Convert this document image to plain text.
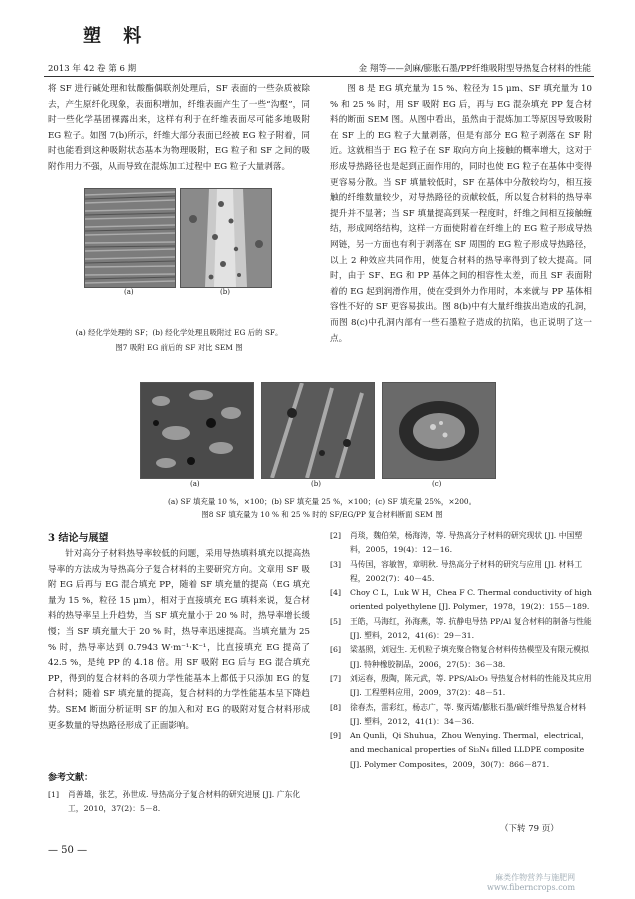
塑 料
2013 年 42 卷 第 6 期	金 翔等——剑麻/膨胀石墨/PP纤维吸附型导热复合材料的性能

将 SF 进行碱处理和钛酸酯偶联剂处理后，SF 表面的一些杂质被除去，产生原纤化现象，表面积增加，纤维表面产生了一些“沟壑”，同时一些化学基团裸露出来，这样有利于在纤维表面尽可能多地吸附 EG 粒子。如图 7(b)所示，纤维大部分表面已经被 EG 粒子附着，同时也能看到这种吸附状态基本为物理吸附，EG 粒子和 SF 之间的吸附作用力不强，从而导致在混炼加工过程中 EG 粒子大量剥落。

(a)	(b)
(a) 经化学处理的 SF；(b) 经化学处理且吸附过 EG 后的 SF。
图7 吸附 EG 前后的 SF 对比 SEM 图

图 8 是 EG 填充量为 15 %、粒径为 15 μm、SF 填充量为 10 % 和 25 % 时，用 SF 吸附 EG 后，再与 EG 混杂填充 PP 复合材料的断面 SEM 图。从图中看出，虽然由于混炼加工等原因导致吸附在 SF 上的 EG 粒子大量剥落，但是有部分 EG 粒子剥落在 SF 附近。这就相当于 EG 粒子在 SF 取向方向上接触的概率增大，这对于形成导热路径也是起到正面作用的，同时也使 EG 粒子在基体中变得更容易分散。当 SF 填量较低时，SF 在基体中分散较均匀，相互接触的纤维数量较少，对导热路径的贡献较低，所以复合材料的热导率提升并不显著；当 SF 填量提高到某一程度时，纤维之间相互接触缠结，形成网络结构，这样一方面使附着在纤维上的 EG 粒子形成导热网链，另一方面也有利于剥落在 SF 周围的 EG 粒子形成导热路径，以上 2 种效应共同作用，使复合材料的热导率得到了较大提高。同时，由于 SF、EG 和 PP 基体之间的相容性太差，而且 SF 表面附着的 EG 起到润滑作用，使在受到外力作用时，本来就与 PP 基体相容性不好的 SF 更容易拔出。图 8(b)中有大量纤维拔出造成的孔洞，而图 8(c)中孔洞内部有一些石墨粒子造成的抗陷，也正说明了这一点。

(a)	(b)	(c)
(a) SF 填充量 10 %，×100；(b) SF 填充量 25 %，×100；(c) SF 填充量 25%，×200。
图8 SF 填充量为 10 % 和 25 % 时的 SF/EG/PP 复合材料断面 SEM 图
3 结论与展望

针对高分子材料热导率较低的问题，采用导热填料填充以提高热导率的方法成为导热高分子复合材料的主要研究方向。文章用 SF 吸附 EG 后再与 EG 混合填充 PP，随着 SF 填充量的提高（EG 填充量为 15 %，粒径 15 μm），相对于直接填充 EG 填料来说，复合材料的热导率呈上升趋势，当 SF 填充量小于 20 % 时，热导率增长缓慢；当 SF 填充量大于 20 % 时，热导率迅速提高。当填充量为 25 % 时，热导率达到 0.7943 W·m⁻¹·K⁻¹，比直接填充 EG 提高了 42.5 %，是纯 PP 的 4.18 倍。用 SF 吸附 EG 后与 EG 混合填充 PP，得到的复合材料的各项力学性能基本上都低于只添加 EG 的复合材料；随着 SF 填充量的提高，复合材料的力学性能基本呈下降趋势。SEM 断面分析证明 SF 的加入和对 EG 的吸附对复合材料形成更多数量的导热路径形成了正面影响。

参考文献：
[1]	肖善雄，张艺，孙世成. 导热高分子复合材料的研究进展 [J]. 广东化工，2010，37(2)：5－8.
[2]	肖琰，魏伯荣，杨海涛，等. 导热高分子材料的研究现状 [J]. 中国塑料，2005，19(4)：12－16.
[3]	马传国，容敏智，章明秋. 导热高分子材料的研究与应用 [J]. 材料工程，2002(7)：40－45.
[4]	Choy C L，Luk W H，Chea F C. Thermal conductivity of high oriented polyethylene [J]. Polymer，1978，19(2)：155－189.
[5]	王皓，马海红，孙海燕，等. 抗静电导热 PP/Al 复合材料的制备与性能 [J]. 塑料，2012，41(6)：29－31.
[6]	梁基照，刘冠生. 无机粒子填充聚合物复合材料传热模型及有限元模拟 [J]. 特种橡胶制品，2006，27(5)：36－38.
[7]	刘运春，殷陶，陈元武，等. PPS/Al₂O₃ 导热复合材料的性能及其应用 [J]. 工程塑料应用，2009，37(2)：48－51.
[8]	徐春杰，雷彩红，杨志广，等. 聚丙烯/膨胀石墨/碳纤维导热复合材料 [J]. 塑料，2012，41(1)：34－36.
[9]	An Qunli，Qi Shuhua，Zhou Wenying. Thermal，electrical，and mechanical properties of Si₃N₄ filled LLDPE composite [J]. Polymer Composites，2009，30(7)：866－871.
（下转 79 页）
— 50 —
麻类作物营养与施肥网
www.fiberncrops.com
